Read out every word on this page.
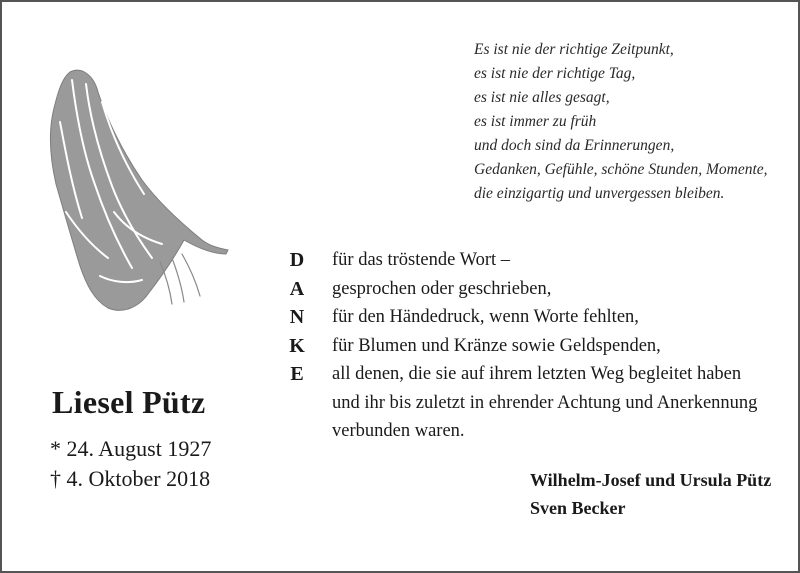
Es ist nie der richtige Zeitpunkt,
es ist nie der richtige Tag,
es ist nie alles gesagt,
es ist immer zu früh
und doch sind da Erinnerungen,
Gedanken, Gefühle, schöne Stunden, Momente,
die einzigartig und unvergessen bleiben.
D
A
N
K
E
für das tröstende Wort –
gesprochen oder geschrieben,
für den Händedruck, wenn Worte fehlten,
für Blumen und Kränze sowie Geldspenden,
all denen, die sie auf ihrem letzten Weg begleitet haben
und ihr bis zuletzt in ehrender Achtung und Anerkennung
verbunden waren.
Liesel Pütz
* 24. August 1927
† 4. Oktober 2018	Wilhelm-Josef und Ursula Pütz
Sven Becker
